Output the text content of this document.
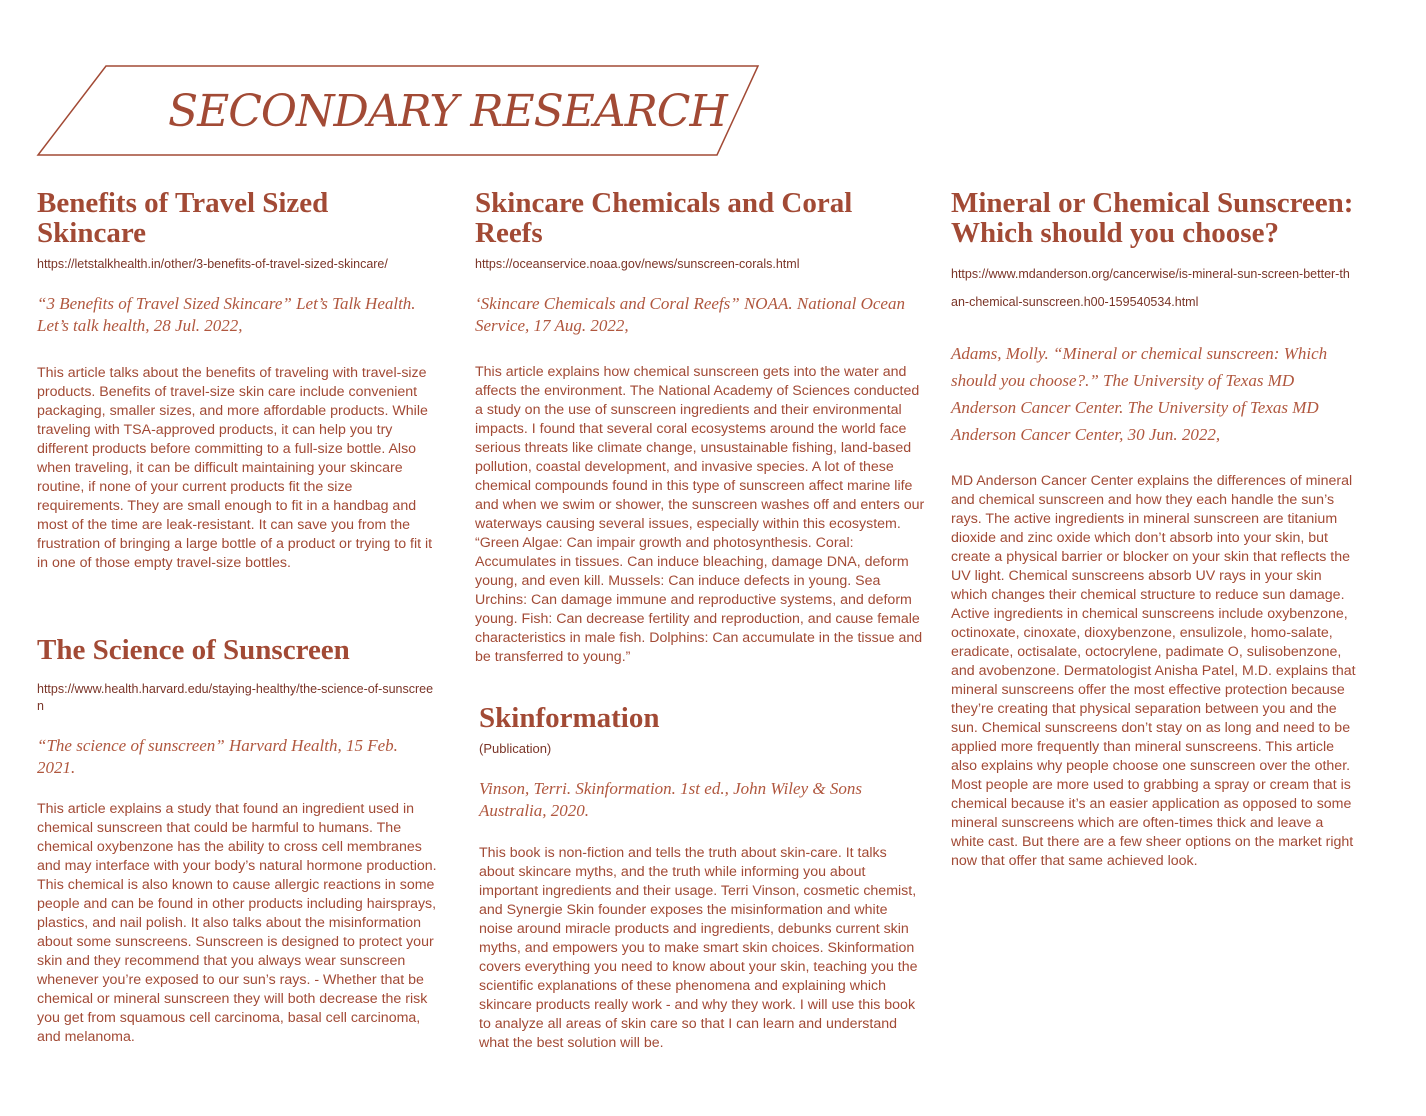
SECONDARY RESEARCH
Benefits of Travel Sized Skincare

https://letstalkhealth.in/other/3-benefits-of-travel-sized-skincare/

“3 Benefits of Travel Sized Skincare” Let’s Talk Health. Let’s talk health, 28 Jul. 2022,

This article talks about the benefits of traveling with travel-size products. Benefits of travel-size skin care include convenient packaging, smaller sizes, and more affordable products. While traveling with TSA-approved products, it can help you try different products before committing to a full-size bottle. Also when traveling, it can be difficult maintaining your skincare routine, if none of your current products fit the size requirements. They are small enough to fit in a handbag and most of the time are leak-resistant. It can save you from the frustration of bringing a large bottle of a product or trying to fit it in one of those empty travel-size bottles.

The Science of Sunscreen

https://www.health.harvard.edu/staying-healthy/the-science-of-sunscreen

“The science of sunscreen” Harvard Health, 15 Feb. 2021.

This article explains a study that found an ingredient used in chemical sunscreen that could be harmful to humans. The chemical oxybenzone has the ability to cross cell membranes and may interface with your body’s natural hormone production. This chemical is also known to cause allergic reactions in some people and can be found in other products including hairsprays, plastics, and nail polish. It also talks about the misinformation about some sunscreens. Sunscreen is designed to protect your skin and they recommend that you always wear sunscreen whenever you’re exposed to our sun’s rays. - Whether that be chemical or mineral sunscreen they will both decrease the risk you get from squamous cell carcinoma, basal cell carcinoma, and melanoma.

Skincare Chemicals and Coral Reefs

https://oceanservice.noaa.gov/news/sunscreen-corals.html

‘Skincare Chemicals and Coral Reefs” NOAA. National Ocean Service, 17 Aug. 2022,

This article explains how chemical sunscreen gets into the water and affects the environment. The National Academy of Sciences conducted a study on the use of sunscreen ingredients and their environmental impacts. I found that several coral ecosystems around the world face serious threats like climate change, unsustainable fishing, land-based pollution, coastal development, and invasive species. A lot of these chemical compounds found in this type of sunscreen affect marine life and when we swim or shower, the sunscreen washes off and enters our waterways causing several issues, especially within this ecosystem. “Green Algae: Can impair growth and photosynthesis. Coral: Accumulates in tissues. Can induce bleaching, damage DNA, deform young, and even kill. Mussels: Can induce defects in young. Sea Urchins: Can damage immune and reproductive systems, and deform young. Fish: Can decrease fertility and reproduction, and cause female characteristics in male fish. Dolphins: Can accumulate in the tissue and be transferred to young.”

Skinformation

(Publication)

Vinson, Terri. Skinformation. 1st ed., John Wiley & Sons Australia, 2020.

This book is non-fiction and tells the truth about skin-care. It talks about skincare myths, and the truth while informing you about important ingredients and their usage. Terri Vinson, cosmetic chemist, and Synergie Skin founder exposes the misinformation and white noise around miracle products and ingredients, debunks current skin myths, and empowers you to make smart skin choices. Skinformation covers everything you need to know about your skin, teaching you the scientific explanations of these phenomena and explaining which skincare products really work - and why they work. I will use this book to analyze all areas of skin care so that I can learn and understand what the best solution will be.

Mineral or Chemical Sunscreen: Which should you choose?

https://www.mdanderson.org/cancerwise/is-mineral-sun-screen-better-than-chemical-sunscreen.h00-159540534.html

Adams, Molly. “Mineral or chemical sunscreen: Which should you choose?.” The University of Texas MD Anderson Cancer Center. The University of Texas MD Anderson Cancer Center, 30 Jun. 2022,

MD Anderson Cancer Center explains the differences of mineral and chemical sunscreen and how they each handle the sun’s rays. The active ingredients in mineral sunscreen are titanium dioxide and zinc oxide which don’t absorb into your skin, but create a physical barrier or blocker on your skin that reflects the UV light. Chemical sunscreens absorb UV rays in your skin which changes their chemical structure to reduce sun damage. Active ingredients in chemical sunscreens include oxybenzone, octinoxate, cinoxate, dioxybenzone, ensulizole, homo-salate, eradicate, octisalate, octocrylene, padimate O, sulisobenzone, and avobenzone. Dermatologist Anisha Patel, M.D. explains that mineral sunscreens offer the most effective protection because they’re creating that physical separation between you and the sun. Chemical sunscreens don’t stay on as long and need to be applied more frequently than mineral sunscreens. This article also explains why people choose one sunscreen over the other. Most people are more used to grabbing a spray or cream that is chemical because it’s an easier application as opposed to some mineral sunscreens which are often-times thick and leave a white cast. But there are a few sheer options on the market right now that offer that same achieved look.
